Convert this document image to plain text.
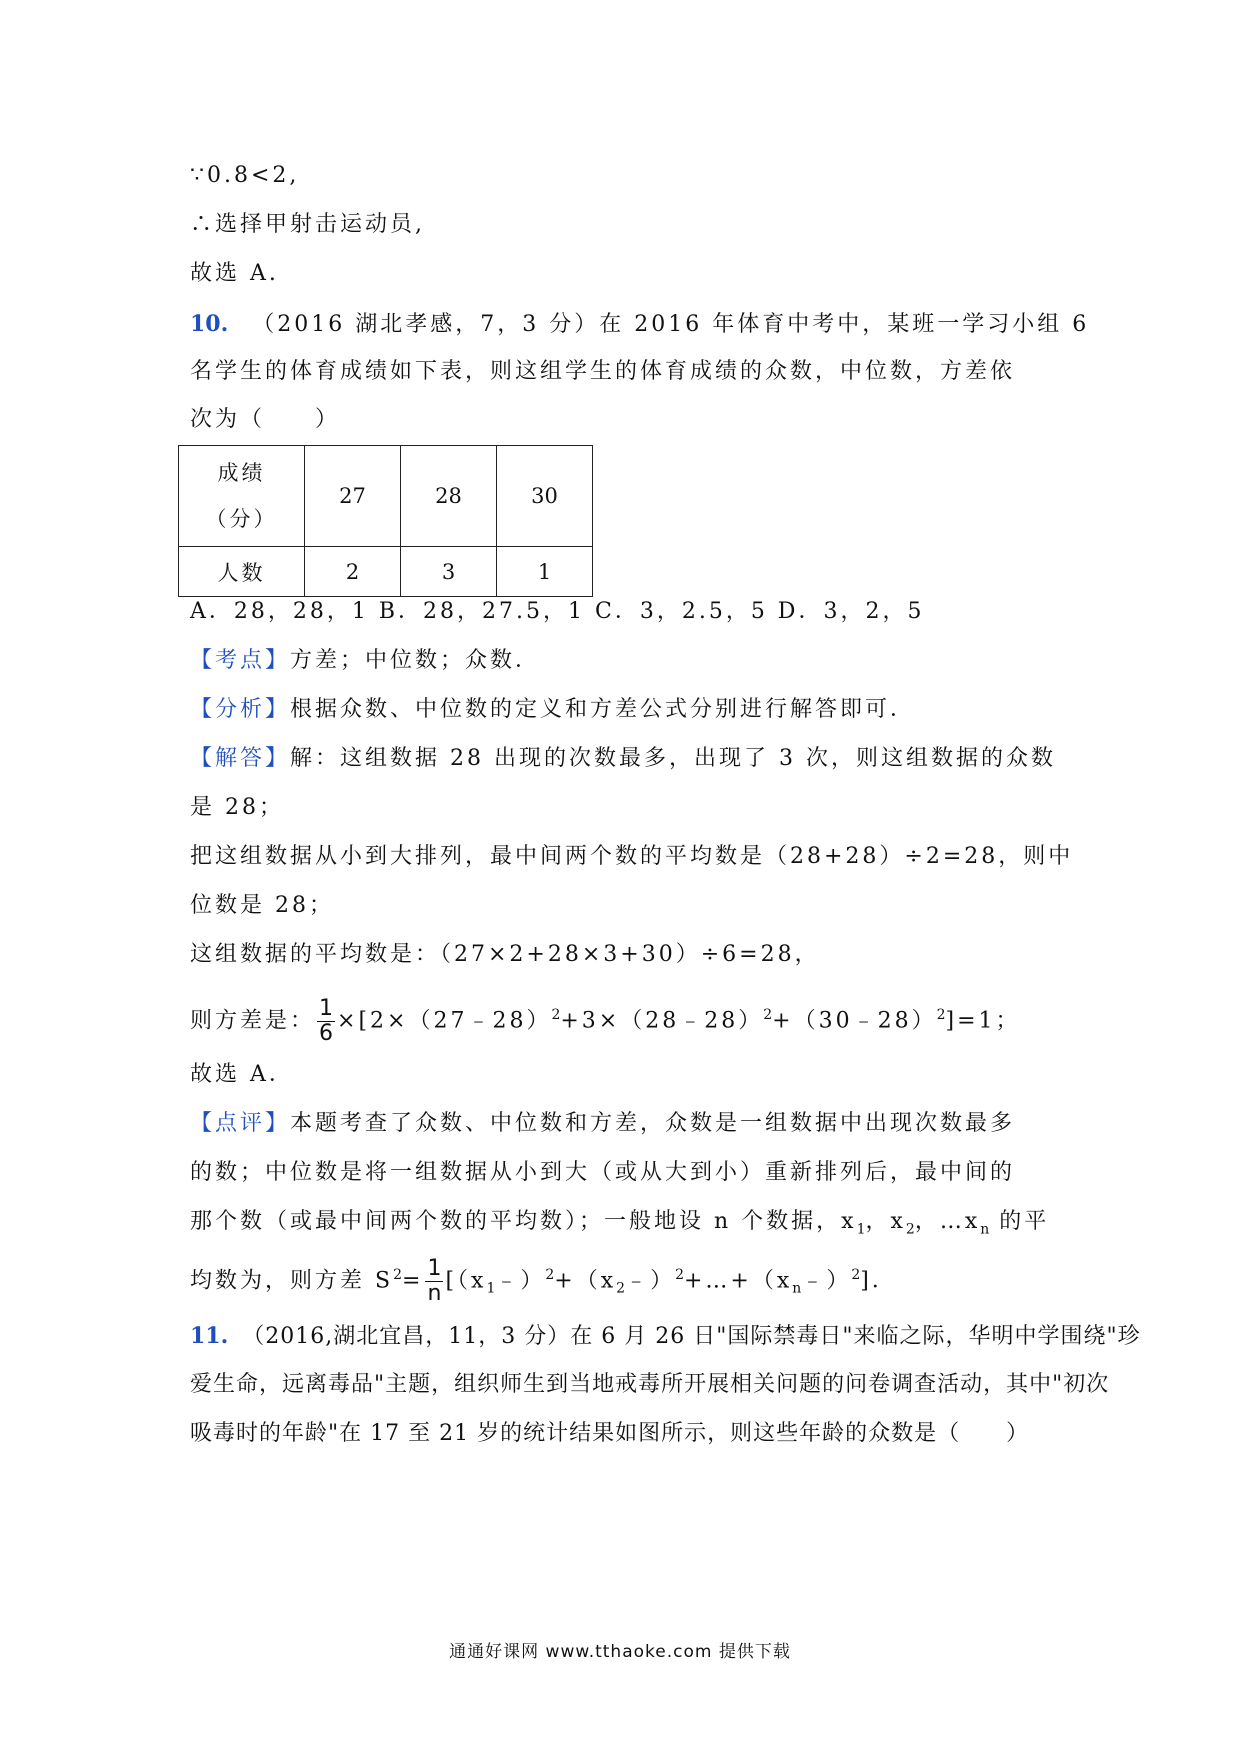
∵0.8<2,
∴选择甲射击运动员,
故选 A.
10. （2016 湖北孝感，7，3 分）在 2016 年体育中考中，某班一学习小组 6
名学生的体育成绩如下表，则这组学生的体育成绩的众数，中位数，方差依
次为（　　）
成绩
（分）	27	28	30
人数	2	3	1
A．28，28，1 B．28，27.5，1 C．3，2.5，5 D．3，2，5
【考点】方差；中位数；众数．
【分析】根据众数、中位数的定义和方差公式分别进行解答即可．
【解答】解：这组数据 28 出现的次数最多，出现了 3 次，则这组数据的众数
是 28；
把这组数据从小到大排列，最中间两个数的平均数是（28+28）÷2=28，则中
位数是 28；
这组数据的平均数是：（27×2+28×3+30）÷6=28，
则方差是： $\frac{1}{6}$ ×[2×（27﹣28）$^2$+3×（28﹣28）$^2$+（30﹣28）$^2$]=1；
故选 A．
【点评】本题考查了众数、中位数和方差，众数是一组数据中出现次数最多
的数；中位数是将一组数据从小到大（或从大到小）重新排列后，最中间的
那个数（或最中间两个数的平均数）；一般地设 n 个数据，$x_1$，$x_2$，$\dots x_n$ 的平
均数为，则方差 $S^2= \frac{1}{n}$ $[(x_1﹣)^2+(x_2﹣)^2+\dots+(x_n﹣)^2]$．
11. （2016,湖北宜昌，11，3 分）在 6 月 26 日"国际禁毒日"来临之际，华明中学围绕"珍
爱生命，远离毒品"主题，组织师生到当地戒毒所开展相关问题的问卷调查活动，其中"初次
吸毒时的年龄"在 17 至 21 岁的统计结果如图所示，则这些年龄的众数是（　　）
通通好课网 www.tthaoke.com 提供下载
